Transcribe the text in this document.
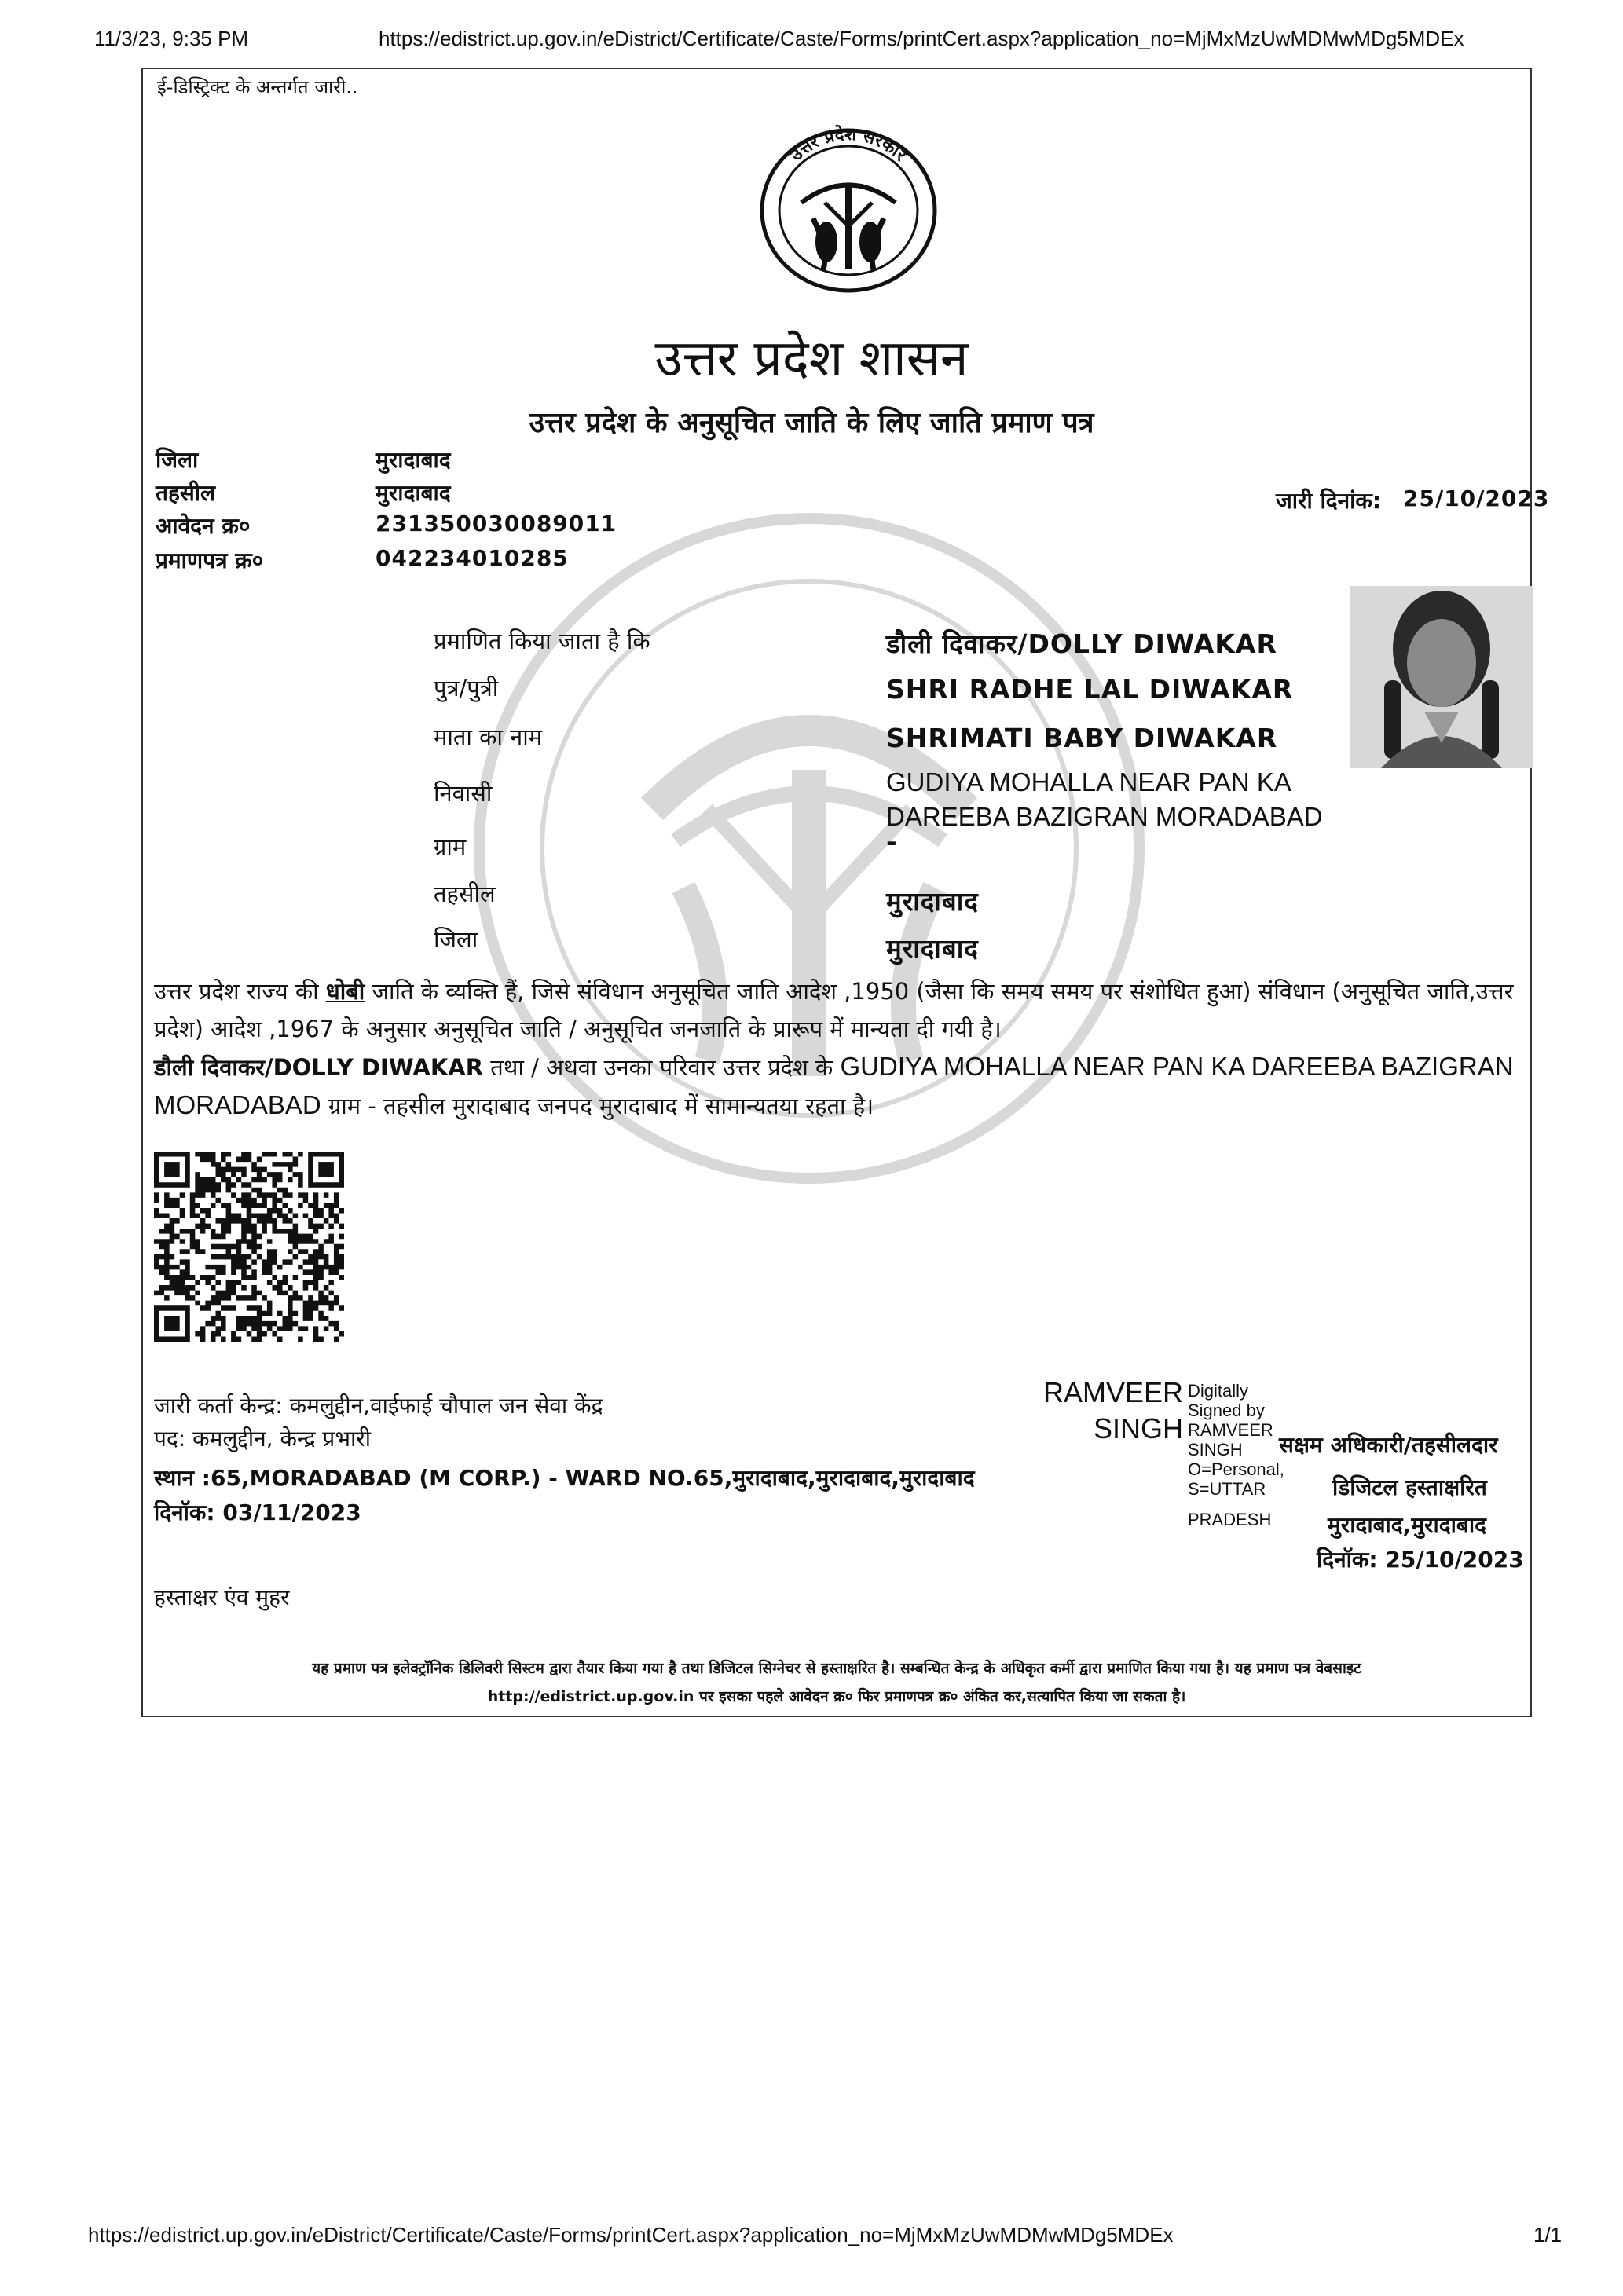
11/3/23, 9:35 PM	https://edistrict.up.gov.in/eDistrict/Certificate/Caste/Forms/printCert.aspx?application_no=MjMxMzUwMDMwMDg5MDEx
ई-डिस्ट्रिक्ट के अन्तर्गत जारी..
उत्तर प्रदेश सरकार
उत्तर प्रदेश शासन
उत्तर प्रदेश के अनुसूचित जाति के लिए जाति प्रमाण पत्र
जिला	मुरादाबाद
तहसील	मुरादाबाद
आवेदन क्र०	231350030089011
प्रमाणपत्र क्र०	042234010285
जारी दिनांक: 25/10/2023
प्रमाणित किया जाता है कि	डौली दिवाकर/DOLLY DIWAKAR
पुत्र/पुत्री	SHRI RADHE LAL DIWAKAR
माता का नाम	SHRIMATI BABY DIWAKAR
निवासी	GUDIYA MOHALLA NEAR PAN KA
DAREEBA BAZIGRAN MORADABAD
ग्राम	-
तहसील	मुरादाबाद
जिला	मुरादाबाद
उत्तर प्रदेश राज्य की धोबी जाति के व्यक्ति हैं, जिसे संविधान अनुसूचित जाति आदेश ,1950 (जैसा कि समय समय पर संशोधित हुआ) संविधान (अनुसूचित जाति,उत्तर प्रदेश) आदेश ,1967 के अनुसार अनुसूचित जाति / अनुसूचित जनजाति के प्रारूप में मान्यता दी गयी है।
डौली दिवाकर/DOLLY DIWAKAR तथा / अथवा उनका परिवार उत्तर प्रदेश के GUDIYA MOHALLA NEAR PAN KA DAREEBA BAZIGRAN MORADABAD ग्राम - तहसील मुरादाबाद जनपद मुरादाबाद में सामान्यतया रहता है।
जारी कर्ता केन्द्र: कमलुद्दीन,वाईफाई चौपाल जन सेवा केंद्र
पद: कमलुद्दीन, केन्द्र प्रभारी
स्थान :65,MORADABAD (M CORP.) - WARD NO.65,मुरादाबाद,मुरादाबाद,मुरादाबाद
दिनॉक: 03/11/2023
RAMVEER
SINGH
Digitally
Signed by
RAMVEER
SINGH
O=Personal,
S=UTTAR
PRADESH
सक्षम अधिकारी/तहसीलदार
डिजिटल हस्ताक्षरित
मुरादाबाद,मुरादाबाद
दिनॉक: 25/10/2023
हस्ताक्षर एंव मुहर
यह प्रमाण पत्र इलेक्ट्रॉनिक डिलिवरी सिस्टम द्वारा तैयार किया गया है तथा डिजिटल सिग्नेचर से हस्ताक्षरित है। सम्बन्धित केन्द्र के अधिकृत कर्मी द्वारा प्रमाणित किया गया है। यह प्रमाण पत्र वेबसाइट
http://edistrict.up.gov.in पर इसका पहले आवेदन क्र० फिर प्रमाणपत्र क्र० अंकित कर,सत्यापित किया जा सकता है।
https://edistrict.up.gov.in/eDistrict/Certificate/Caste/Forms/printCert.aspx?application_no=MjMxMzUwMDMwMDg5MDEx	1/1
